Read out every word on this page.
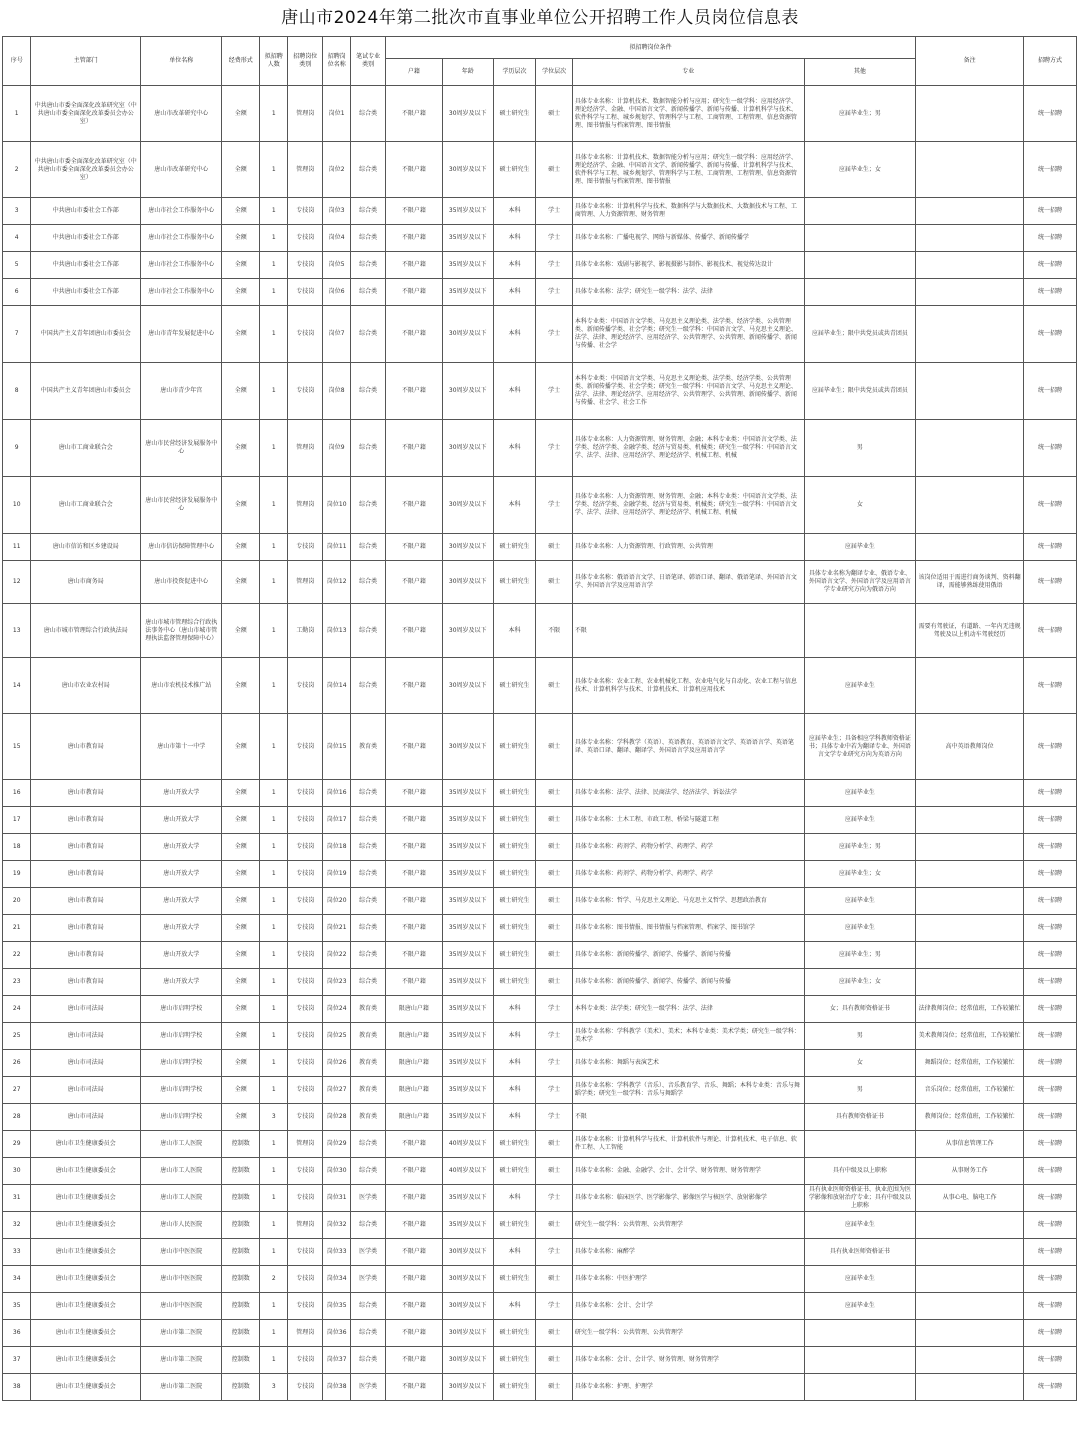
唐山市2024年第二批次市直事业单位公开招聘工作人员岗位信息表
序号	主管部门	单位名称	经费形式	拟招聘人数	招聘岗位类别	招聘岗位名称	笔试专业类别	拟招聘岗位条件						备注	招聘方式
								户籍	年龄	学历层次	学位层次	专业	其他		
1	中共唐山市委全面深化改革研究室（中共唐山市委全面深化改革委员会办公室）	唐山市改革研究中心	全额	1	管理岗	岗位1	综合类	不限户籍	30周岁及以下	硕士研究生	硕士	具体专业名称：计算机技术、数据智能分析与应用；研究生一级学科：应用经济学、理论经济学、金融、中国语言文学、新闻传播学、新闻与传播、计算机科学与技术、软件科学与工程、城乡规划学、管理科学与工程、工商管理、工程管理、信息资源管理、图书情报与档案管理、图书情报	应届毕业生；男		统一招聘
2	中共唐山市委全面深化改革研究室（中共唐山市委全面深化改革委员会办公室）	唐山市改革研究中心	全额	1	管理岗	岗位2	综合类	不限户籍	30周岁及以下	硕士研究生	硕士	具体专业名称：计算机技术、数据智能分析与应用；研究生一级学科：应用经济学、理论经济学、金融、中国语言文学、新闻传播学、新闻与传播、计算机科学与技术、软件科学与工程、城乡规划学、管理科学与工程、工商管理、工程管理、信息资源管理、图书情报与档案管理、图书情报	应届毕业生；女		统一招聘
3	中共唐山市委社会工作部	唐山市社会工作服务中心	全额	1	专技岗	岗位3	综合类	不限户籍	35周岁及以下	本科	学士	具体专业名称：计算机科学与技术、数据科学与大数据技术、大数据技术与工程、工商管理、人力资源管理、财务管理			统一招聘
4	中共唐山市委社会工作部	唐山市社会工作服务中心	全额	1	专技岗	岗位4	综合类	不限户籍	35周岁及以下	本科	学士	具体专业名称：广播电视学、网络与新媒体、传播学、新闻传播学			统一招聘
5	中共唐山市委社会工作部	唐山市社会工作服务中心	全额	1	专技岗	岗位5	综合类	不限户籍	35周岁及以下	本科	学士	具体专业名称：戏剧与影视学、影视摄影与制作、影视技术、视觉传达设计			统一招聘
6	中共唐山市委社会工作部	唐山市社会工作服务中心	全额	1	专技岗	岗位6	综合类	不限户籍	35周岁及以下	本科	学士	具体专业名称：法学；研究生一级学科：法学、法律			统一招聘
7	中国共产主义青年团唐山市委员会	唐山市青年发展促进中心	全额	1	专技岗	岗位7	综合类	不限户籍	30周岁及以下	本科	学士	本科专业类：中国语言文学类、马克思主义理论类、法学类、经济学类、公共管理类、新闻传播学类、社会学类；研究生一级学科：中国语言文学、马克思主义理论、法学、法律、理论经济学、应用经济学、公共管理学、公共管理、新闻传播学、新闻与传播、社会学	应届毕业生；限中共党员或共青团员		统一招聘
8	中国共产主义青年团唐山市委员会	唐山市青少年宫	全额	1	专技岗	岗位8	综合类	不限户籍	30周岁及以下	本科	学士	本科专业类：中国语言文学类、马克思主义理论类、法学类、经济学类、公共管理类、新闻传播学类、社会学类；研究生一级学科：中国语言文学、马克思主义理论、法学、法律、理论经济学、应用经济学、公共管理学、公共管理、新闻传播学、新闻与传播、社会学、社会工作	应届毕业生；限中共党员或共青团员		统一招聘
9	唐山市工商业联合会	唐山市民营经济发展服务中心	全额	1	管理岗	岗位9	综合类	不限户籍	30周岁及以下	本科	学士	具体专业名称：人力资源管理、财务管理、金融；本科专业类：中国语言文学类、法学类、经济学类、金融学类、经济与贸易类、机械类；研究生一级学科：中国语言文学、法学、法律、应用经济学、理论经济学、机械工程、机械	男		统一招聘
10	唐山市工商业联合会	唐山市民营经济发展服务中心	全额	1	管理岗	岗位10	综合类	不限户籍	30周岁及以下	本科	学士	具体专业名称：人力资源管理、财务管理、金融；本科专业类：中国语言文学类、法学类、经济学类、金融学类、经济与贸易类、机械类；研究生一级学科：中国语言文学、法学、法律、应用经济学、理论经济学、机械工程、机械	女		统一招聘
11	唐山市信访和区乡建设局	唐山市信访保障管理中心	全额	1	专技岗	岗位11	综合类	不限户籍	30周岁及以下	硕士研究生	硕士	具体专业名称：人力资源管理、行政管理、公共管理	应届毕业生		统一招聘
12	唐山市商务局	唐山市投资促进中心	全额	1	管理岗	岗位12	综合类	不限户籍	30周岁及以下	硕士研究生	硕士	具体专业名称：俄语语言文学、日语笔译、韩语口译、翻译、俄语笔译、外国语言文学、外国语言学及应用语言学	具体专业名称为翻译专业、俄语专业、外国语言文学、外国语言学及应用语言学专业研究方向为俄语方向	该岗位适用于需进行商务谈判、资料翻译，需能够熟练使用俄语	统一招聘
13	唐山市城市管理综合行政执法局	唐山市城市管理综合行政执法事务中心（唐山市城市管理执法监督管理保障中心）	全额	1	工勤岗	岗位13	综合类	不限户籍	30周岁及以下	本科	不限	不限		需要有驾驶证，有道路、一年内无违规驾驶及以上机动车驾驶经历	统一招聘
14	唐山市农业农村局	唐山市农机技术推广站	全额	1	专技岗	岗位14	综合类	不限户籍	30周岁及以下	硕士研究生	硕士	具体专业名称：农业工程、农业机械化工程、农业电气化与自动化、农业工程与信息技术、计算机科学与技术、计算机技术、计算机应用技术	应届毕业生		统一招聘
15	唐山市教育局	唐山市第十一中学	全额	1	专技岗	岗位15	教育类	不限户籍	30周岁及以下	硕士研究生	硕士	具体专业名称：学科教学（英语）、英语教育、英语语言文学、英语语言学、英语笔译、英语口译、翻译、翻译学、外国语言学及应用语言学	应届毕业生；具备相应学科教师资格证书；具体专业中若为翻译专业、外国语言文学专业研究方向为英语方向	高中英语教师岗位	统一招聘
16	唐山市教育局	唐山开放大学	全额	1	专技岗	岗位16	综合类	不限户籍	35周岁及以下	硕士研究生	硕士	具体专业名称：法学、法律、民商法学、经济法学、诉讼法学	应届毕业生		统一招聘
17	唐山市教育局	唐山开放大学	全额	1	专技岗	岗位17	综合类	不限户籍	35周岁及以下	硕士研究生	硕士	具体专业名称：土木工程、市政工程、桥梁与隧道工程	应届毕业生		统一招聘
18	唐山市教育局	唐山开放大学	全额	1	专技岗	岗位18	综合类	不限户籍	35周岁及以下	硕士研究生	硕士	具体专业名称：药剂学、药物分析学、药理学、药学	应届毕业生；男		统一招聘
19	唐山市教育局	唐山开放大学	全额	1	专技岗	岗位19	综合类	不限户籍	35周岁及以下	硕士研究生	硕士	具体专业名称：药剂学、药物分析学、药理学、药学	应届毕业生；女		统一招聘
20	唐山市教育局	唐山开放大学	全额	1	专技岗	岗位20	综合类	不限户籍	35周岁及以下	硕士研究生	硕士	具体专业名称：哲学、马克思主义理论、马克思主义哲学、思想政治教育	应届毕业生		统一招聘
21	唐山市教育局	唐山开放大学	全额	1	专技岗	岗位21	综合类	不限户籍	35周岁及以下	硕士研究生	硕士	具体专业名称：图书情报、图书情报与档案管理、档案学、图书馆学	应届毕业生		统一招聘
22	唐山市教育局	唐山开放大学	全额	1	专技岗	岗位22	综合类	不限户籍	35周岁及以下	硕士研究生	硕士	具体专业名称：新闻传播学、新闻学、传播学、新闻与传播	应届毕业生；男		统一招聘
23	唐山市教育局	唐山开放大学	全额	1	专技岗	岗位23	综合类	不限户籍	35周岁及以下	硕士研究生	硕士	具体专业名称：新闻传播学、新闻学、传播学、新闻与传播	应届毕业生；女		统一招聘
24	唐山市司法局	唐山市启明学校	全额	1	专技岗	岗位24	教育类	限唐山户籍	35周岁及以下	本科	学士	本科专业类：法学类；研究生一级学科：法学、法律	女；具有教师资格证书	法律教师岗位；经常值班，工作较繁忙	统一招聘
25	唐山市司法局	唐山市启明学校	全额	1	专技岗	岗位25	教育类	限唐山户籍	35周岁及以下	本科	学士	具体专业名称：学科教学（美术）、美术；本科专业类：美术学类；研究生一级学科：美术学	男	美术教师岗位；经常值班，工作较繁忙	统一招聘
26	唐山市司法局	唐山市启明学校	全额	1	专技岗	岗位26	教育类	限唐山户籍	35周岁及以下	本科	学士	具体专业名称：舞蹈与表演艺术	女	舞蹈岗位；经常值班，工作较繁忙	统一招聘
27	唐山市司法局	唐山市启明学校	全额	1	专技岗	岗位27	教育类	限唐山户籍	35周岁及以下	本科	学士	具体专业名称：学科教学（音乐）、音乐教育学、音乐、舞蹈；本科专业类：音乐与舞蹈学类；研究生一级学科：音乐与舞蹈学	男	音乐岗位；经常值班，工作较繁忙	统一招聘
28	唐山市司法局	唐山市启明学校	全额	3	专技岗	岗位28	教育类	限唐山户籍	35周岁及以下	本科	学士	不限	具有教师资格证书	教师岗位；经常值班，工作较繁忙	统一招聘
29	唐山市卫生健康委员会	唐山市工人医院	控制数	1	管理岗	岗位29	综合类	不限户籍	40周岁及以下	硕士研究生	硕士	具体专业名称：计算机科学与技术、计算机软件与理论、计算机技术、电子信息、软件工程、人工智能		从事信息管理工作	统一招聘
30	唐山市卫生健康委员会	唐山市工人医院	控制数	1	专技岗	岗位30	综合类	不限户籍	40周岁及以下	硕士研究生	硕士	具体专业名称：金融、金融学、会计、会计学、财务管理、财务管理学	具有中级及以上职称	从事财务工作	统一招聘
31	唐山市卫生健康委员会	唐山市工人医院	控制数	1	专技岗	岗位31	医学类	不限户籍	35周岁及以下	本科	学士	具体专业名称：临床医学、医学影像学、影像医学与核医学、放射影像学	具有执业医师资格证书、执业范围为医学影像和放射治疗专业；具有中级及以上职称	从事心电、脑电工作	统一招聘
32	唐山市卫生健康委员会	唐山市人民医院	控制数	1	管理岗	岗位32	综合类	不限户籍	35周岁及以下	硕士研究生	硕士	研究生一级学科：公共管理、公共管理学	应届毕业生		统一招聘
33	唐山市卫生健康委员会	唐山市中医医院	控制数	1	专技岗	岗位33	医学类	不限户籍	30周岁及以下	本科	学士	具体专业名称：麻醉学	具有执业医师资格证书		统一招聘
34	唐山市卫生健康委员会	唐山市中医医院	控制数	2	专技岗	岗位34	医学类	不限户籍	30周岁及以下	硕士研究生	硕士	具体专业名称：中医护理学	应届毕业生		统一招聘
35	唐山市卫生健康委员会	唐山市中医医院	控制数	1	专技岗	岗位35	综合类	不限户籍	30周岁及以下	本科	学士	具体专业名称：会计、会计学	应届毕业生		统一招聘
36	唐山市卫生健康委员会	唐山市第二医院	控制数	1	管理岗	岗位36	综合类	不限户籍	30周岁及以下	硕士研究生	硕士	研究生一级学科：公共管理、公共管理学			统一招聘
37	唐山市卫生健康委员会	唐山市第二医院	控制数	1	专技岗	岗位37	综合类	不限户籍	30周岁及以下	硕士研究生	硕士	具体专业名称：会计、会计学、财务管理、财务管理学			统一招聘
38	唐山市卫生健康委员会	唐山市第二医院	控制数	3	专技岗	岗位38	医学类	不限户籍	30周岁及以下	硕士研究生	硕士	具体专业名称：护理、护理学			统一招聘
